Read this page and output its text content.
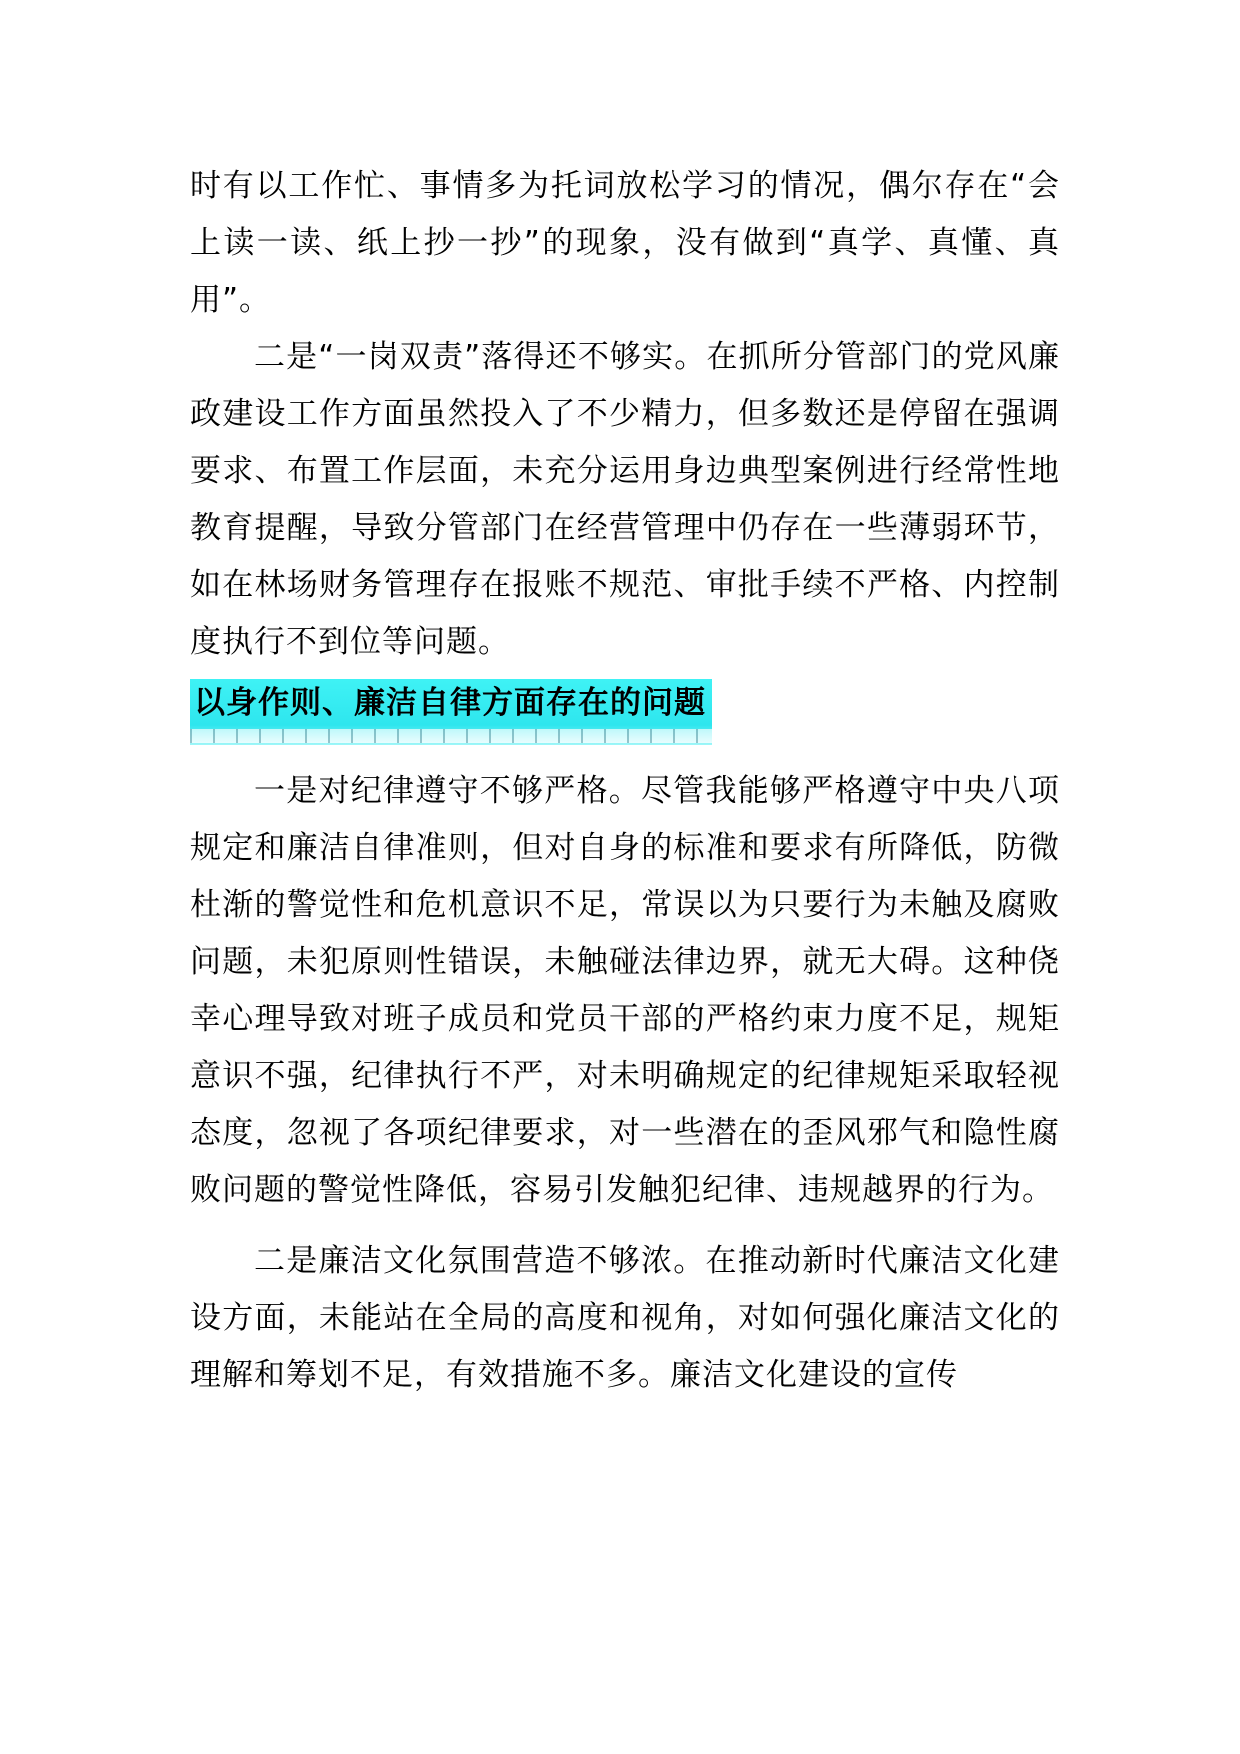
时有以工作忙、事情多为托词放松学习的情况，偶尔存在“会上读一读、纸上抄一抄”的现象，没有做到“真学、真懂、真用”。

二是“一岗双责”落得还不够实。在抓所分管部门的党风廉政建设工作方面虽然投入了不少精力，但多数还是停留在强调要求、布置工作层面，未充分运用身边典型案例进行经常性地教育提醒，导致分管部门在经营管理中仍存在一些薄弱环节，如在林场财务管理存在报账不规范、审批手续不严格、内控制度执行不到位等问题。

以身作则、廉洁自律方面存在的问题

一是对纪律遵守不够严格。尽管我能够严格遵守中央八项规定和廉洁自律准则，但对自身的标准和要求有所降低，防微杜渐的警觉性和危机意识不足，常误以为只要行为未触及腐败问题，未犯原则性错误，未触碰法律边界，就无大碍。这种侥幸心理导致对班子成员和党员干部的严格约束力度不足，规矩意识不强，纪律执行不严，对未明确规定的纪律规矩采取轻视态度，忽视了各项纪律要求，对一些潜在的歪风邪气和隐性腐败问题的警觉性降低，容易引发触犯纪律、违规越界的行为。

二是廉洁文化氛围营造不够浓。在推动新时代廉洁文化建设方面，未能站在全局的高度和视角，对如何强化廉洁文化的理解和筹划不足，有效措施不多。廉洁文化建设的宣传
